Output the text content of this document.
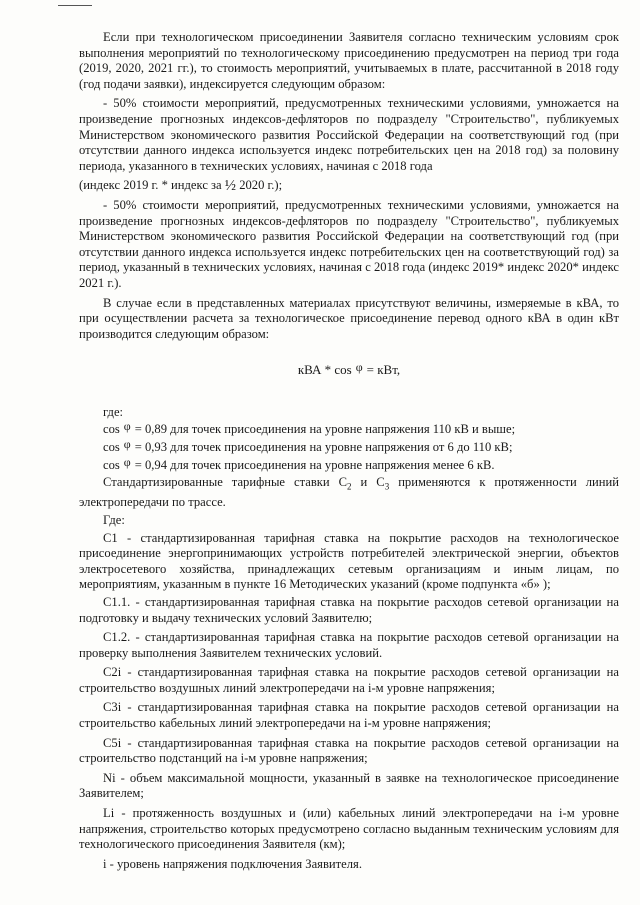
Если при технологическом присоединении Заявителя согласно техническим условиям срок выполнения мероприятий по технологическому присоединению предусмотрен на период три года (2019, 2020, 2021 гг.), то стоимость мероприятий, учитываемых в плате, рассчитанной в 2018 году (год подачи заявки), индексируется следующим образом:

- 50% стоимости мероприятий, предусмотренных техническими условиями, умножается на произведение прогнозных индексов-дефляторов по подразделу "Строительство", публикуемых Министерством экономического развития Российской Федерации на соответствующий год (при отсутствии данного индекса используется индекс потребительских цен на 2018 год) за половину периода, указанного в технических условиях, начиная с 2018 года

(индекс 2019 г. * индекс за ½ 2020 г.);

- 50% стоимости мероприятий, предусмотренных техническими условиями, умножается на произведение прогнозных индексов-дефляторов по подразделу "Строительство", публикуемых Министерством экономического развития Российской Федерации на соответствующий год (при отсутствии данного индекса используется индекс потребительских цен на соответствующий год) за период, указанный в технических условиях, начиная с 2018 года (индекс 2019* индекс 2020* индекс 2021 г.).

В случае если в представленных материалах присутствуют величины, измеряемые в кВА, то при осуществлении расчета за технологическое присоединение перевод одного кВА в один кВт производится следующим образом:

кВА * cos φ = кВт,

где:

cos φ = 0,89 для точек присоединения на уровне напряжения 110 кВ и выше;

cos φ = 0,93 для точек присоединения на уровне напряжения от 6 до 110 кВ;

cos φ = 0,94 для точек присоединения на уровне напряжения менее 6 кВ.

Стандартизированные тарифные ставки $С_2$ и $С_3$ применяются к протяженности линий электропередачи по трассе.

Где:

С1 - стандартизированная тарифная ставка на покрытие расходов на технологическое присоединение энергопринимающих устройств потребителей электрической энергии, объектов электросетевого хозяйства, принадлежащих сетевым организациям и иным лицам, по мероприятиям, указанным в пункте 16 Методических указаний (кроме подпункта «б» );

С1.1. - стандартизированная тарифная ставка на покрытие расходов сетевой организации на подготовку и выдачу технических условий Заявителю;

С1.2. - стандартизированная тарифная ставка на покрытие расходов сетевой организации на проверку выполнения Заявителем технических условий.

С2i - стандартизированная тарифная ставка на покрытие расходов сетевой организации на строительство воздушных линий электропередачи на i-м уровне напряжения;

С3i - стандартизированная тарифная ставка на покрытие расходов сетевой организации на строительство кабельных линий электропередачи на i-м уровне напряжения;

С5i - стандартизированная тарифная ставка на покрытие расходов сетевой организации на строительство подстанций на i-м уровне напряжения;

Ni - объем максимальной мощности, указанный в заявке на технологическое присоединение Заявителем;

Li - протяженность воздушных и (или) кабельных линий электропередачи на i-м уровне напряжения, строительство которых предусмотрено согласно выданным техническим условиям для технологического присоединения Заявителя (км);

i - уровень напряжения подключения Заявителя.
